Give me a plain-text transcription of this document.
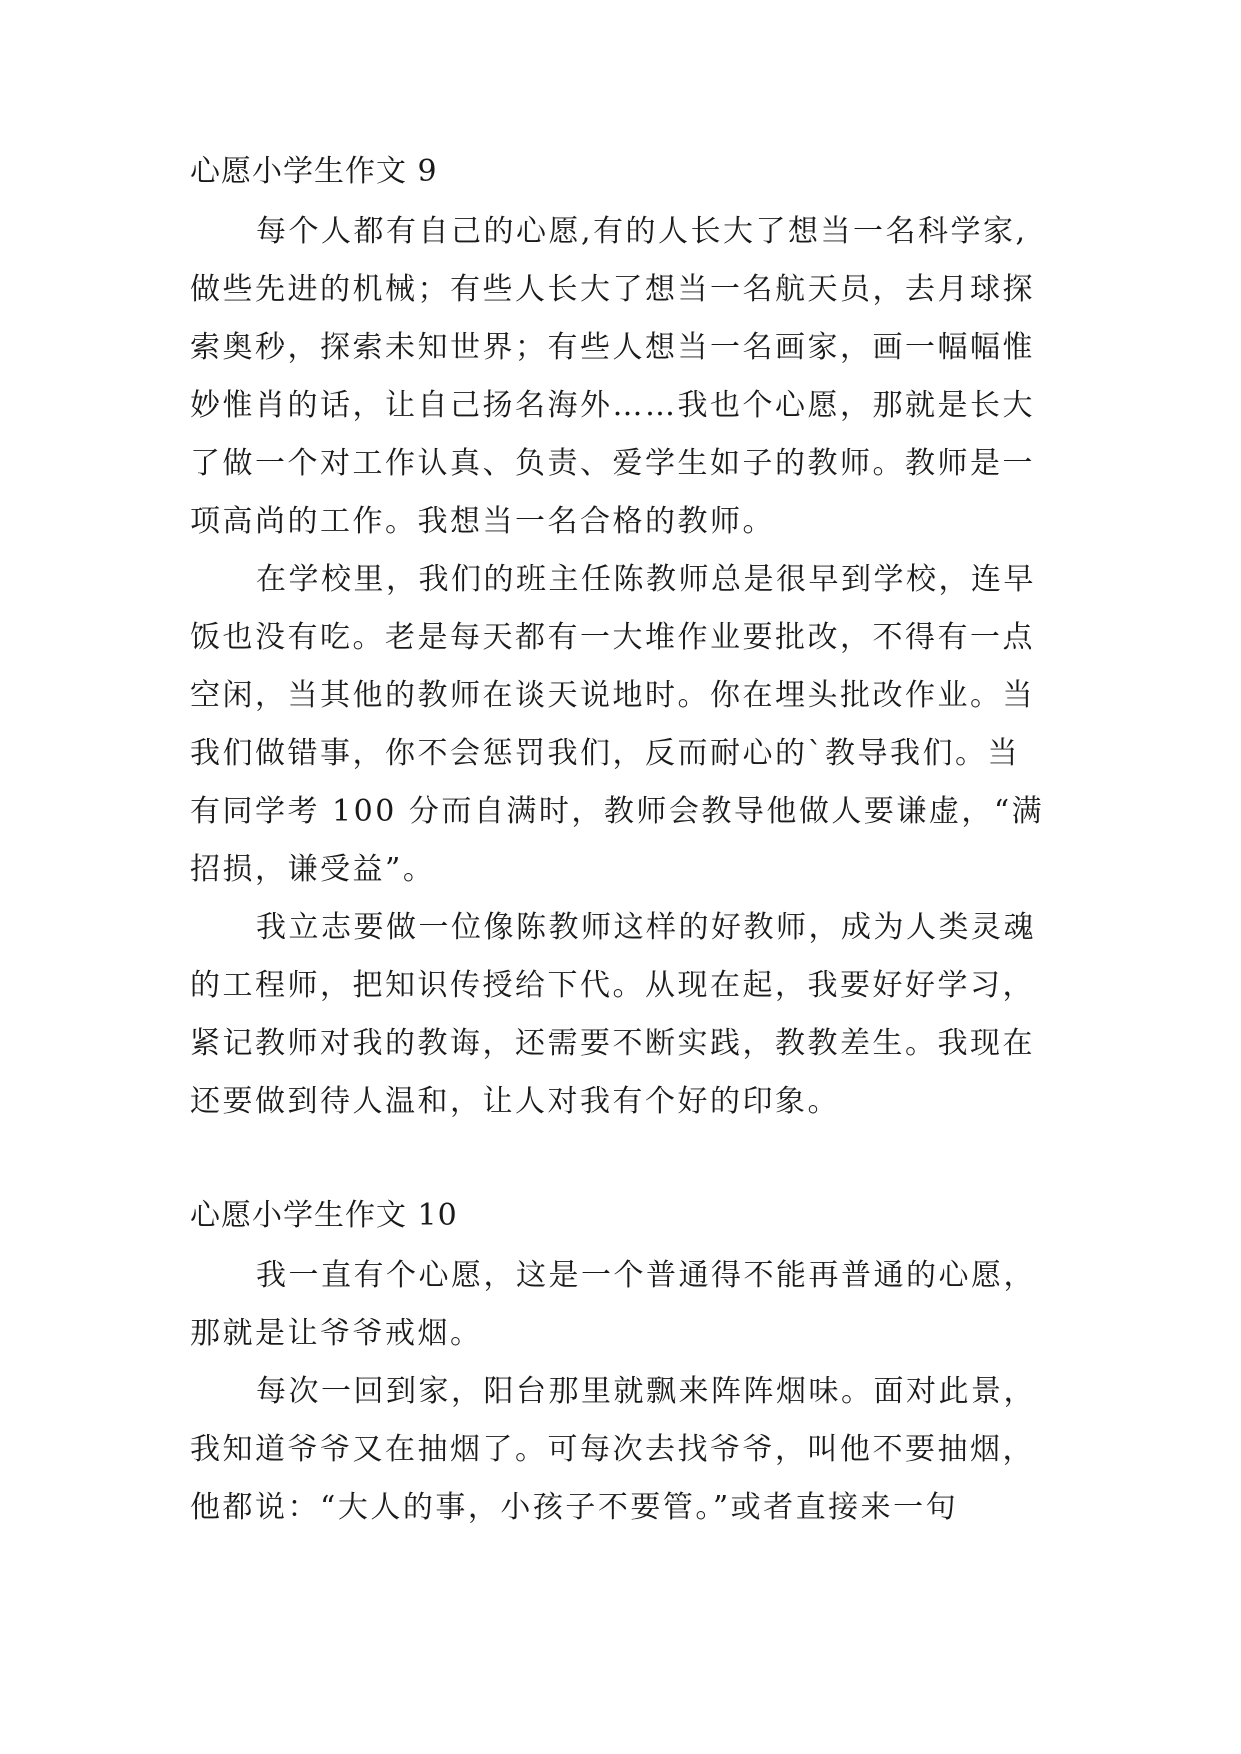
心愿小学生作文 9
每个人都有自己的心愿,有的人长大了想当一名科学家,
做些先进的机械；有些人长大了想当一名航天员，去月球探
索奥秒，探索未知世界；有些人想当一名画家，画一幅幅惟
妙惟肖的话，让自己扬名海外……我也个心愿，那就是长大
了做一个对工作认真、负责、爱学生如子的教师。教师是一
项高尚的工作。我想当一名合格的教师。
在学校里，我们的班主任陈教师总是很早到学校，连早
饭也没有吃。老是每天都有一大堆作业要批改，不得有一点
空闲，当其他的教师在谈天说地时。你在埋头批改作业。当
我们做错事，你不会惩罚我们，反而耐心的`教导我们。当
有同学考 100 分而自满时，教师会教导他做人要谦虚，“满
招损，谦受益”。
我立志要做一位像陈教师这样的好教师，成为人类灵魂
的工程师，把知识传授给下代。从现在起，我要好好学习，
紧记教师对我的教诲，还需要不断实践，教教差生。我现在
还要做到待人温和，让人对我有个好的印象。
心愿小学生作文 10
我一直有个心愿，这是一个普通得不能再普通的心愿，
那就是让爷爷戒烟。
每次一回到家，阳台那里就飘来阵阵烟味。面对此景，
我知道爷爷又在抽烟了。可每次去找爷爷，叫他不要抽烟，
他都说：“大人的事，小孩子不要管。”或者直接来一句
